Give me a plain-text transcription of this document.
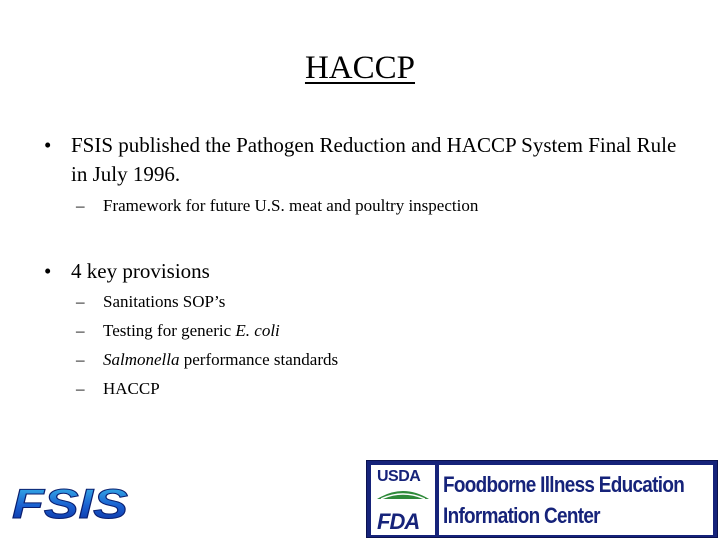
HACCP
• FSIS published the Pathogen Reduction and HACCP System Final Rule in July 1996.
– Framework for future U.S. meat and poultry inspection
• 4 key provisions
– Sanitations SOP’s
– Testing for generic E. coli
– Salmonella performance standards
– HACCP
FSIS
USDA
FDA
Foodborne Illness Education
Information Center
